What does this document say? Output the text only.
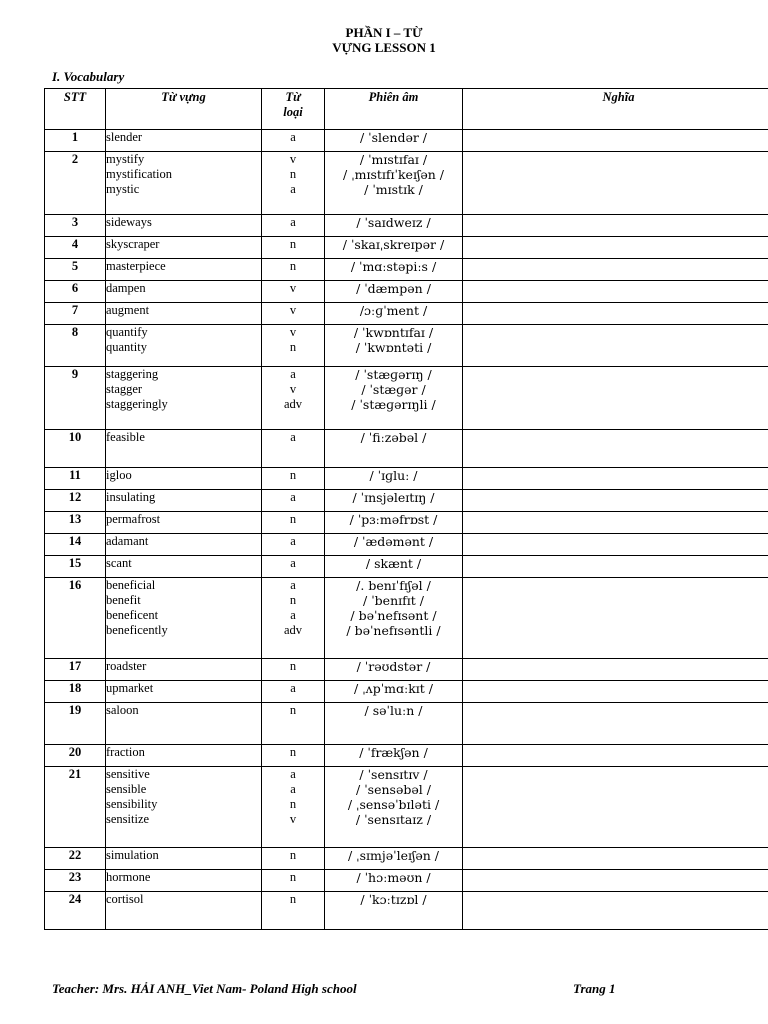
PHẦN I – TỪ
VỰNG LESSON 1
I. Vocabulary
STT	Từ vựng	Từ
loại	Phiên âm	Nghĩa
1	slender	a	/ ˈslendər /	

2	mystify
mystification
mystic	v
n
a	/ ˈmɪstɪfaɪ /
/ ˌmɪstɪfɪˈkeɪʃən /
/ ˈmɪstɪk /	

3	sideways	a	/ ˈsaɪdweɪz /	

4	skyscraper	n	/ ˈskaɪˌskreɪpər /	

5	masterpiece	n	/ ˈmɑːstəpiːs /	

6	dampen	v	/ ˈdæmpən /	

7	augment	v	/ɔːɡˈment /	

8	quantify
quantity	v
n	/ ˈkwɒntɪfaɪ /
/ ˈkwɒntəti /	

9	staggering
stagger
staggeringly	a
v
adv	/ ˈstæɡərɪŋ /
/ ˈstæɡər /
/ ˈstæɡərɪŋli /	

10	feasible	a	/ ˈfiːzəbəl /	

11	igloo	n	/ ˈɪɡluː /	

12	insulating	a	/ ˈɪnsjəleɪtɪŋ /	

13	permafrost	n	/ ˈpɜːməfrɒst /	

14	adamant	a	/ ˈædəmənt /	

15	scant	a	/ skænt /	

16	beneficial
benefit
beneficent
beneficently	a
n
a
adv	/. benɪˈfɪʃəl /
/ ˈbenɪfɪt /
/ bəˈnefɪsənt /
/ bəˈnefɪsəntli /	

17	roadster	n	/ ˈrəʊdstər /	

18	upmarket	a	/ ˌʌpˈmɑːkɪt /	

19	saloon	n	/ səˈluːn /	

20	fraction	n	/ ˈfrækʃən /	

21	sensitive
sensible
sensibility
sensitize	a
a
n
v	/ ˈsensɪtɪv /
/ ˈsensəbəl /
/ ˌsensəˈbɪləti /
/ ˈsensɪtaɪz /	

22	simulation	n	/ ˌsɪmjəˈleɪʃən /	

23	hormone	n	/ ˈhɔːməʊn /	

24	cortisol	n	/ ˈkɔːtɪzɒl /	

Teacher: Mrs. HẢI ANH_Viet Nam- Poland High school	Trang 1
